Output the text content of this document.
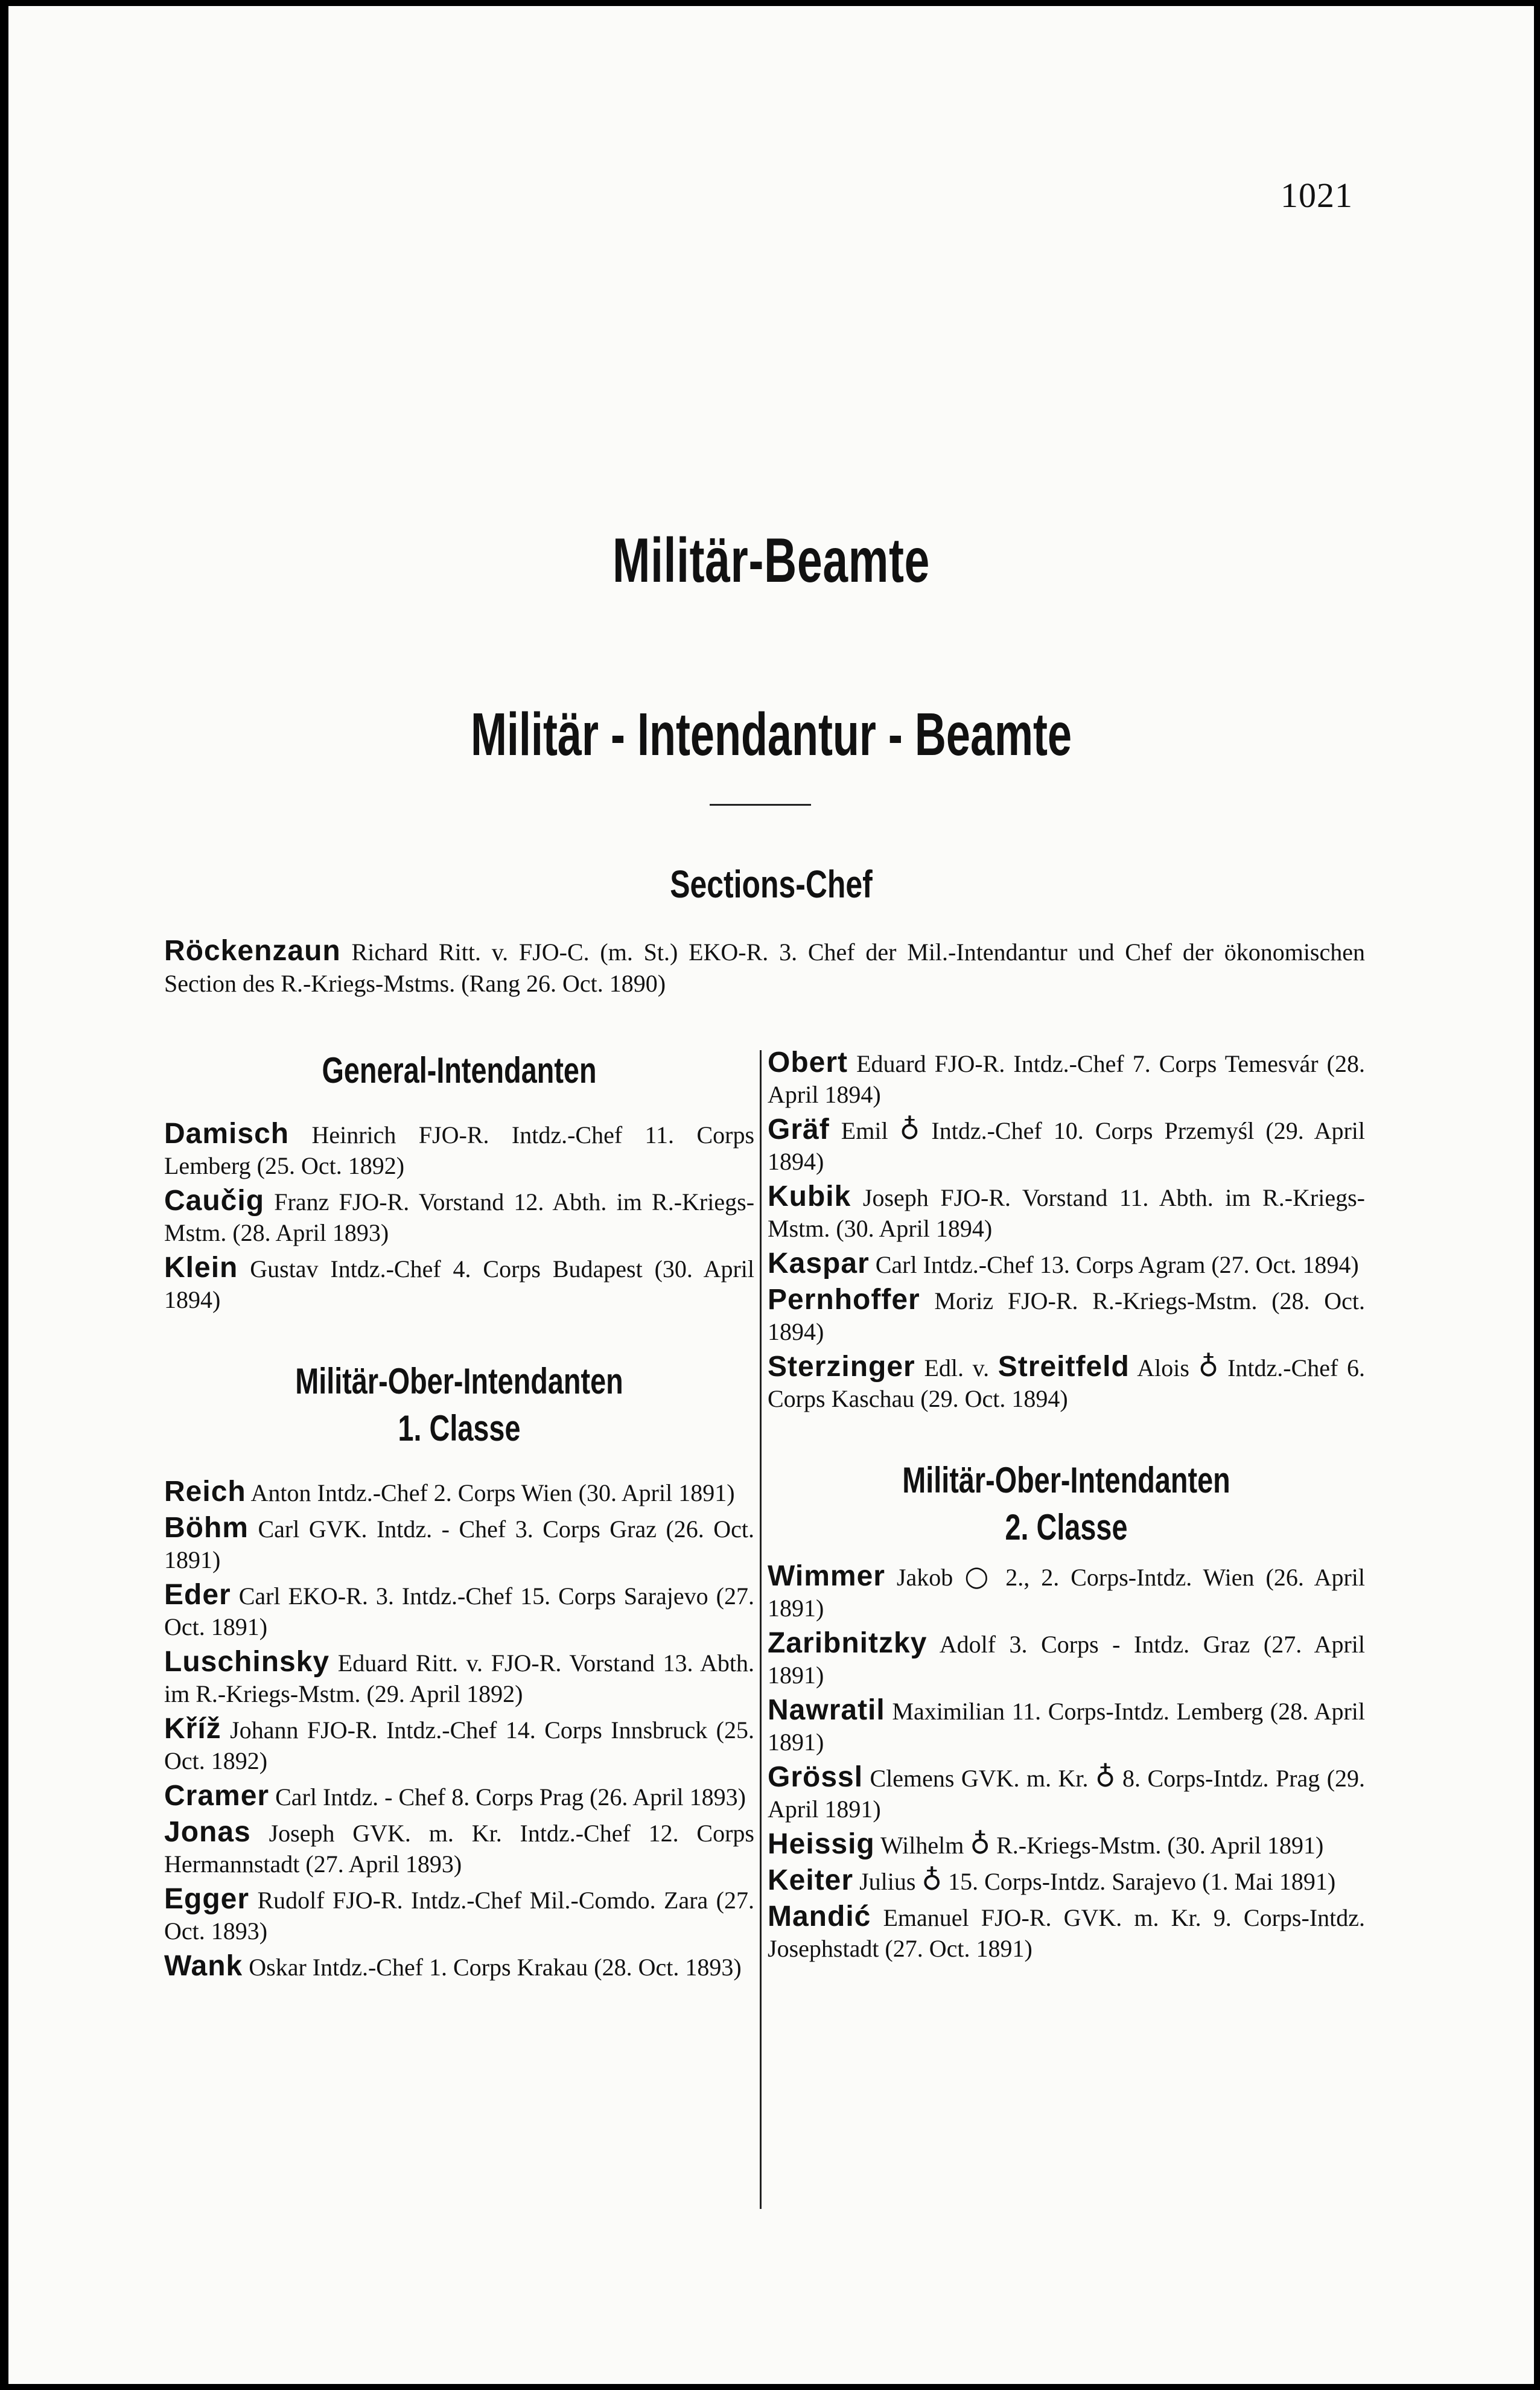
1021
Militär-Beamte
Militär - Intendantur - Beamte
Sections-Chef
Röckenzaun Richard Ritt. v. FJO-C. (m. St.) EKO-R. 3. Chef der Mil.-Intendantur und Chef der ökonomischen Section des R.-Kriegs-Mstms. (Rang 26. Oct. 1890)
General-Intendanten
Damisch Heinrich FJO-R. Intdz.-Chef 11. Corps Lemberg (25. Oct. 1892)
Caučig Franz FJO-R. Vorstand 12. Abth. im R.-Kriegs-Mstm. (28. April 1893)
Klein Gustav Intdz.-Chef 4. Corps Budapest (30. April 1894)
Militär-Ober-Intendanten
1. Classe
Reich Anton Intdz.-Chef 2. Corps Wien (30. April 1891)
Böhm Carl GVK. Intdz. - Chef 3. Corps Graz (26. Oct. 1891)
Eder Carl EKO-R. 3. Intdz.-Chef 15. Corps Sarajevo (27. Oct. 1891)
Luschinsky Eduard Ritt. v. FJO-R. Vorstand 13. Abth. im R.-Kriegs-Mstm. (29. April 1892)
Kříž Johann FJO-R. Intdz.-Chef 14. Corps Innsbruck (25. Oct. 1892)
Cramer Carl Intdz. - Chef 8. Corps Prag (26. April 1893)
Jonas Joseph GVK. m. Kr. Intdz.-Chef 12. Corps Hermannstadt (27. April 1893)
Egger Rudolf FJO-R. Intdz.-Chef Mil.-Comdo. Zara (27. Oct. 1893)
Wank Oskar Intdz.-Chef 1. Corps Krakau (28. Oct. 1893)
Obert Eduard FJO-R. Intdz.-Chef 7. Corps Temesvár (28. April 1894)
Gräf Emil ♁ Intdz.-Chef 10. Corps Przemyśl (29. April 1894)
Kubik Joseph FJO-R. Vorstand 11. Abth. im R.-Kriegs-Mstm. (30. April 1894)
Kaspar Carl Intdz.-Chef 13. Corps Agram (27. Oct. 1894)
Pernhoffer Moriz FJO-R. R.-Kriegs-Mstm. (28. Oct. 1894)
Sterzinger Edl. v. Streitfeld Alois ♁ Intdz.-Chef 6. Corps Kaschau (29. Oct. 1894)
Militär-Ober-Intendanten
2. Classe
Wimmer Jakob ○ 2., 2. Corps-Intdz. Wien (26. April 1891)
Zaribnitzky Adolf 3. Corps - Intdz. Graz (27. April 1891)
Nawratil Maximilian 11. Corps-Intdz. Lemberg (28. April 1891)
Grössl Clemens GVK. m. Kr. ♁ 8. Corps-Intdz. Prag (29. April 1891)
Heissig Wilhelm ♁ R.-Kriegs-Mstm. (30. April 1891)
Keiter Julius ♁ 15. Corps-Intdz. Sarajevo (1. Mai 1891)
Mandić Emanuel FJO-R. GVK. m. Kr. 9. Corps-Intdz. Josephstadt (27. Oct. 1891)
